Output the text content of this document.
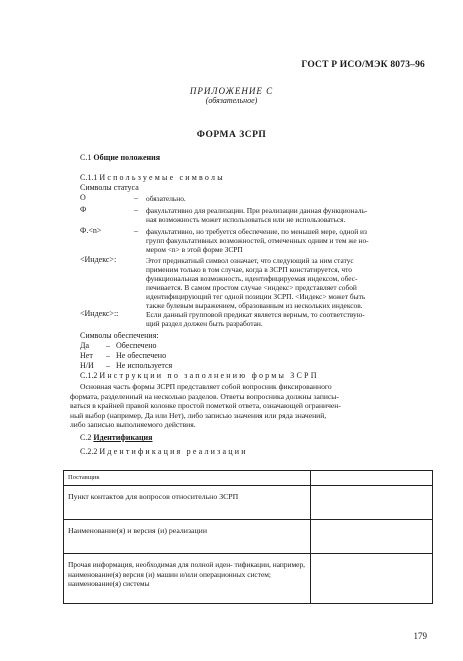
ГОСТ Р ИСО/МЭК 8073–96
ПРИЛОЖЕНИЕ С
(обязательное)
ФОРМА ЗСРП
С.1 Общие положения
С.1.1 Используемые символы
Символы статуса
О	– обязательно.
Ф	– факультативно для реализации. При реализации данная функциональ-
ная возможность может использоваться или не использоваться.
Ф.<n>	– факультативно, но требуется обеспечение, по меньшей мере, одной из
групп факультативных возможностей, отмеченных одним и тем же но-
мером <n> в этой форме ЗСРП
<Индекс>:	Этот предикатный символ означает, что следующий за ним статус
применим только в том случае, когда в ЗСРП констатируется, что
функциональная возможность, идентифицируемая индексом, обес-
печивается. В самом простом случае <индекс> представляет собой
идентифицирующий тег одной позиции ЗСРП. <Индекс> может быть
также булевым выражением, образованным из нескольких индексов.
<Индекс>::	Если данный групповой предикат является верным, то соответствую-
щий раздел должен быть разработан.
Символы обеспечения:
Да – Обеспечено
Нет – Не обеспечено
Н/И – Не используется
С.1.2 Инструкции по заполнению формы ЗСРП
Основная часть формы ЗСРП представляет собой вопросник фиксированного
формата, разделенный на несколько разделов. Ответы вопросника должны записы-
ваться в крайней правой колонке простой пометкой ответа, означающей ограничен-
ный выбор (например, Да или Нет), либо записью значения или ряда значений,
либо записью выполняемого действия.
С.2 Идентификация
С.2.2 Идентификация реализации
Поставщик	
Пункт контактов для вопросов относительно ЗСРП	
Наименование(я) и версия (и) реализации	
Прочая информация, необходимая для полной иден- тификации, например, наименование(я) версия (и) машин и/или операционных систем; наименование(я) системы	
179
